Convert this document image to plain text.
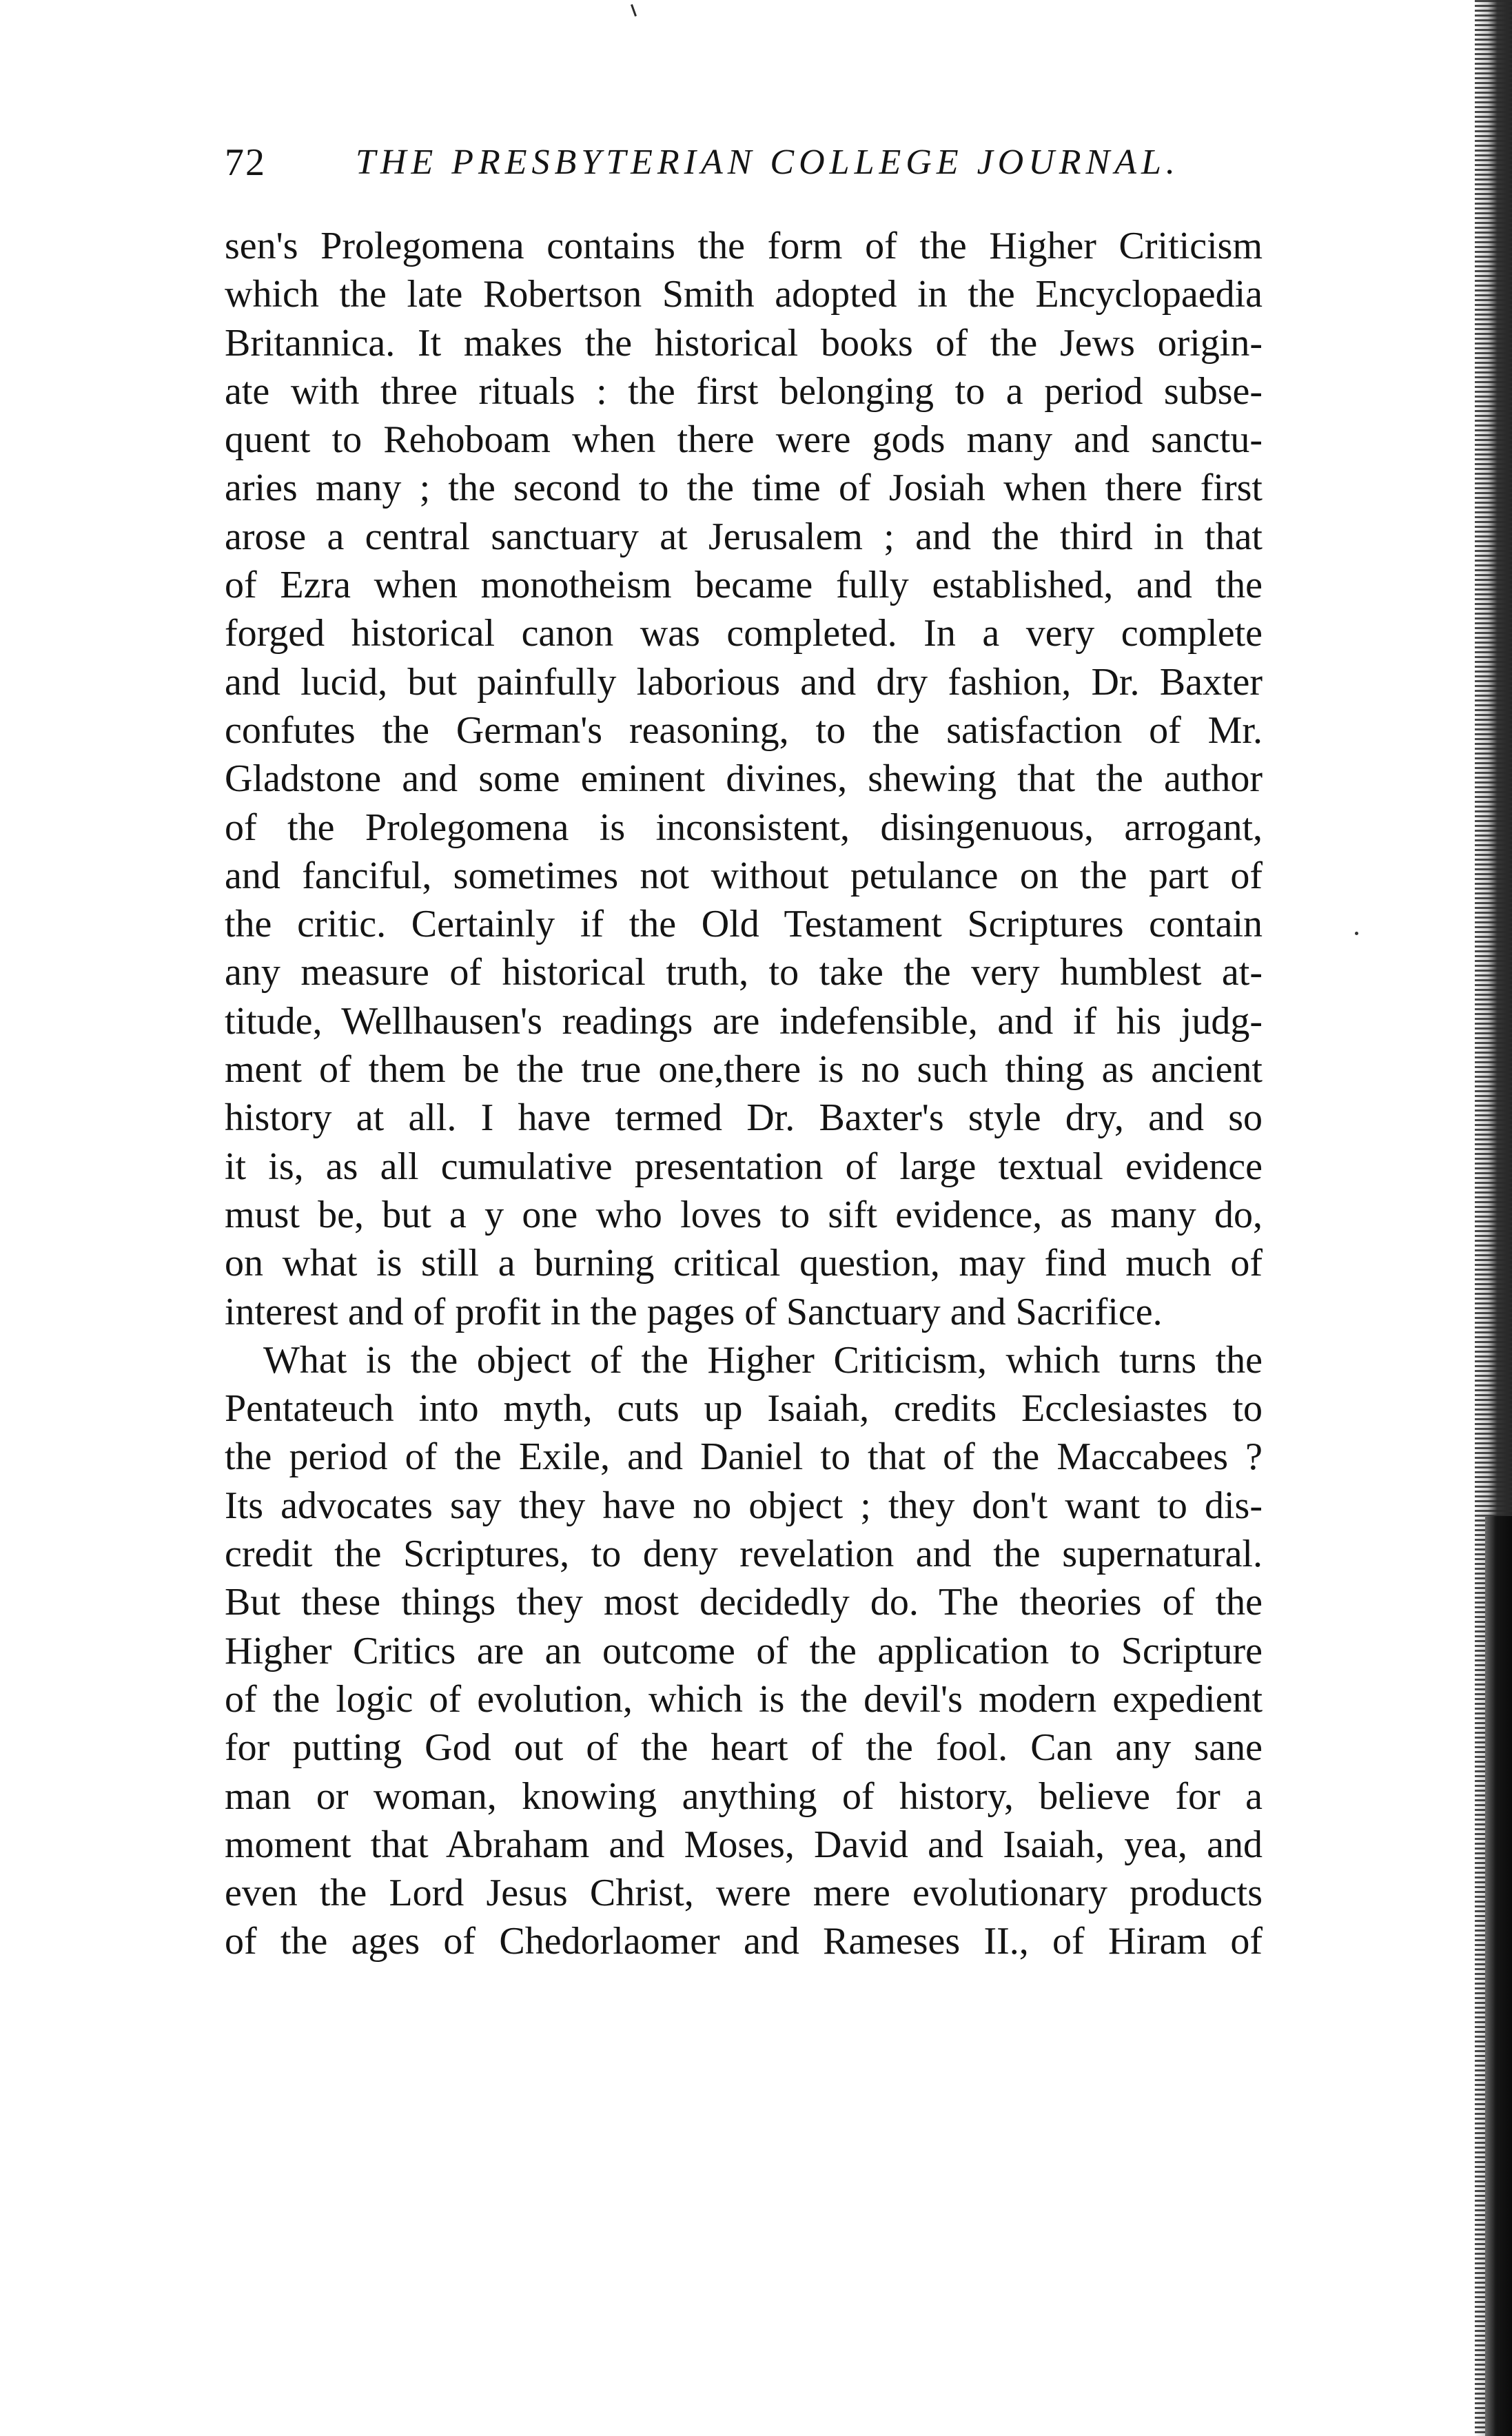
72	THE PRESBYTERIAN COLLEGE JOURNAL.
sen's Prolegomena contains the form of the Higher Criticism
which the late Robertson Smith adopted in the Encyclopaedia
Britannica. It makes the historical books of the Jews origin-
ate with three rituals : the first belonging to a period subse-
quent to Rehoboam when there were gods many and sanctu-
aries many ; the second to the time of Josiah when there first
arose a central sanctuary at Jerusalem ; and the third in that
of Ezra when monotheism became fully established, and the
forged historical canon was completed. In a very complete
and lucid, but painfully laborious and dry fashion, Dr. Baxter
confutes the German's reasoning, to the satisfaction of Mr.
Gladstone and some eminent divines, shewing that the author
of the Prolegomena is inconsistent, disingenuous, arrogant,
and fanciful, sometimes not without petulance on the part of
the critic. Certainly if the Old Testament Scriptures contain
any measure of historical truth, to take the very humblest at-
titude, Wellhausen's readings are indefensible, and if his judg-
ment of them be the true one,there is no such thing as ancient
history at all. I have termed Dr. Baxter's style dry, and so
it is, as all cumulative presentation of large textual evidence
must be, but a y one who loves to sift evidence, as many do,
on what is still a burning critical question, may find much of
interest and of profit in the pages of Sanctuary and Sacrifice.
What is the object of the Higher Criticism, which turns the
Pentateuch into myth, cuts up Isaiah, credits Ecclesiastes to
the period of the Exile, and Daniel to that of the Maccabees ?
Its advocates say they have no object ; they don't want to dis-
credit the Scriptures, to deny revelation and the supernatural.
But these things they most decidedly do. The theories of the
Higher Critics are an outcome of the application to Scripture
of the logic of evolution, which is the devil's modern expedient
for putting God out of the heart of the fool. Can any sane
man or woman, knowing anything of history, believe for a
moment that Abraham and Moses, David and Isaiah, yea, and
even the Lord Jesus Christ, were mere evolutionary products
of the ages of Chedorlaomer and Rameses II., of Hiram of
